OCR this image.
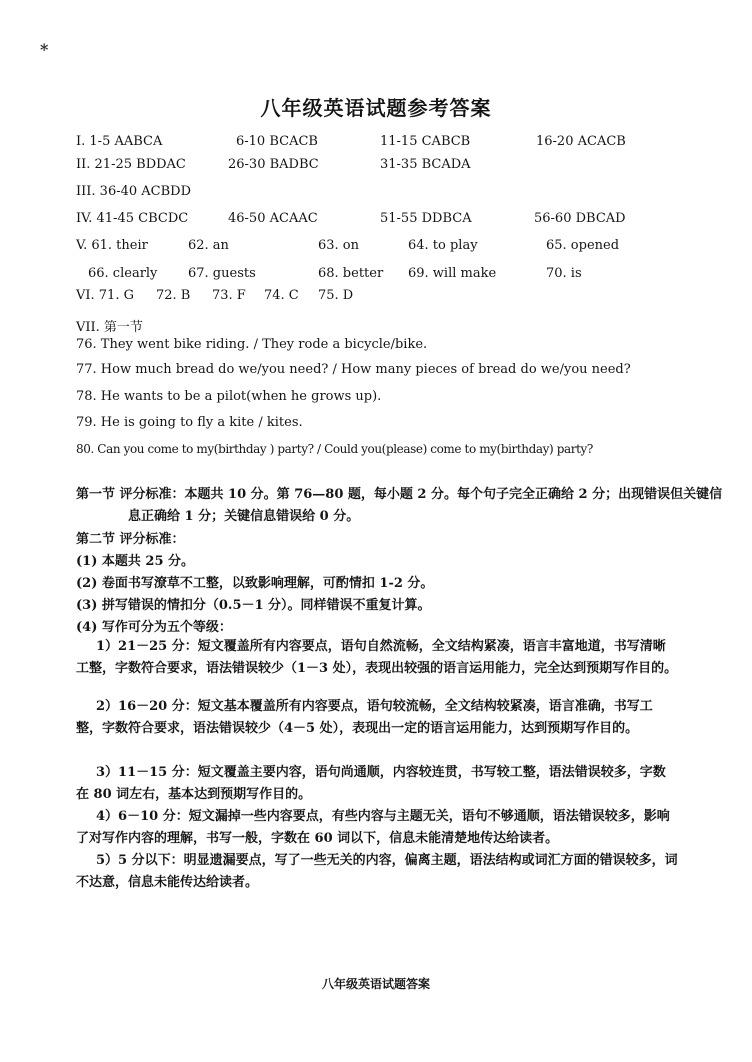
*
八年级英语试题参考答案
I. 1-5 AABCA	6-10 BCACB	11-15 CABCB	16-20 ACACB
II. 21-25 BDDAC	26-30 BADBC	31-35 BCADA
III. 36-40 ACBDD
IV. 41-45 CBCDC	46-50 ACAAC	51-55 DDBCA	56-60 DBCAD
V. 61. their	62. an	63. on	64. to play	65. opened
66. clearly 67. guests	68. better 69. will make	70. is
VI. 71. G 72. B 73. F 74. C 75. D
VII. 第一节
76. They went bike riding. / They rode a bicycle/bike.
77. How much bread do we/you need? / How many pieces of bread do we/you need?
78. He wants to be a pilot(when he grows up).
79. He is going to fly a kite / kites.
80. Can you come to my(birthday ) party? / Could you(please) come to my(birthday) party?
第一节 评分标准：本题共 10 分。第 76—80 题，每小题 2 分。每个句子完全正确给 2 分；出现错误但关键信息正确给 1 分；关键信息错误给 0 分。
第二节 评分标准：
(1) 本题共 25 分。
(2) 卷面书写潦草不工整，以致影响理解，可酌情扣 1-2 分。
(3) 拼写错误的情扣分（0.5－1 分）。同样错误不重复计算。
(4) 写作可分为五个等级：
1）21－25 分：短文覆盖所有内容要点，语句自然流畅，全文结构紧凑，语言丰富地道，书写清晰工整，字数符合要求，语法错误较少（1－3 处），表现出较强的语言运用能力，完全达到预期写作目的。
2）16－20 分：短文基本覆盖所有内容要点，语句较流畅，全文结构较紧凑，语言准确，书写工整，字数符合要求，语法错误较少（4－5 处），表现出一定的语言运用能力，达到预期写作目的。
3）11－15 分：短文覆盖主要内容，语句尚通顺，内容较连贯，书写较工整，语法错误较多，字数在 80 词左右，基本达到预期写作目的。
4）6－10 分：短文漏掉一些内容要点，有些内容与主题无关，语句不够通顺，语法错误较多，影响了对写作内容的理解，书写一般，字数在 60 词以下，信息未能清楚地传达给读者。
5）5 分以下：明显遗漏要点，写了一些无关的内容，偏离主题，语法结构或词汇方面的错误较多，词不达意，信息未能传达给读者。
八年级英语试题答案
